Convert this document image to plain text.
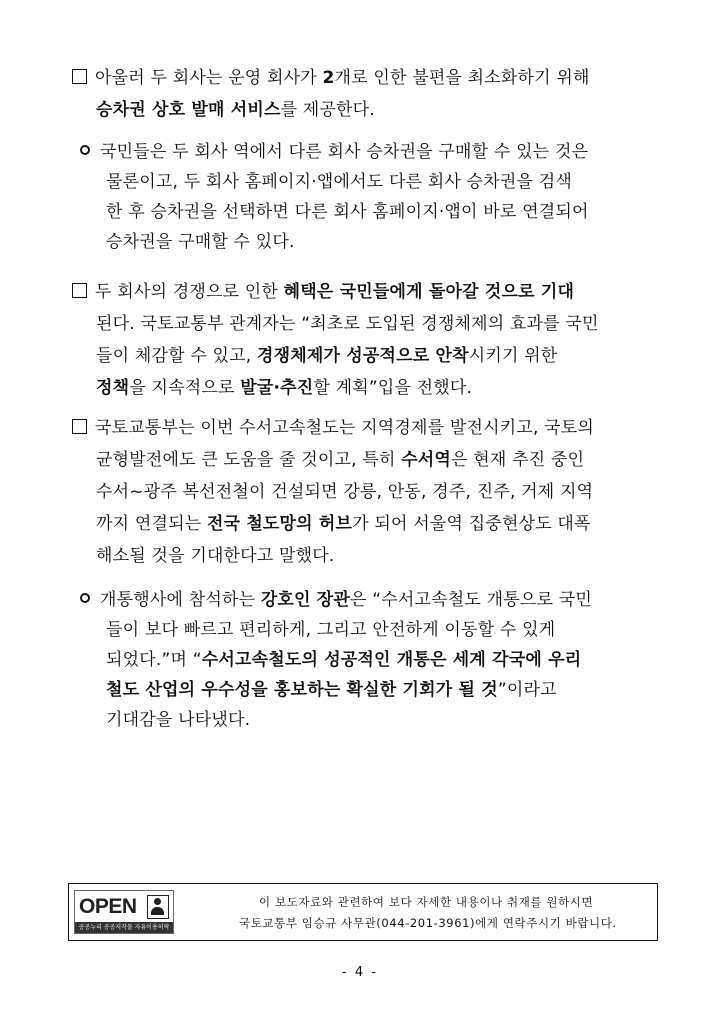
아울러 두 회사는 운영 회사가 2개로 인한 불편을 최소화하기 위해
승차권 상호 발매 서비스를 제공한다.
국민들은 두 회사 역에서 다른 회사 승차권을 구매할 수 있는 것은
물론이고, 두 회사 홈페이지·앱에서도 다른 회사 승차권을 검색
한 후 승차권을 선택하면 다른 회사 홈페이지·앱이 바로 연결되어
승차권을 구매할 수 있다.
두 회사의 경쟁으로 인한 혜택은 국민들에게 돌아갈 것으로 기대
된다. 국토교통부 관계자는 “최초로 도입된 경쟁체제의 효과를 국민
들이 체감할 수 있고, 경쟁체제가 성공적으로 안착시키기 위한
정책을 지속적으로 발굴·추진할 계획”입을 전했다.
국토교통부는 이번 수서고속철도는 지역경제를 발전시키고, 국토의
균형발전에도 큰 도움을 줄 것이고, 특히 수서역은 현재 추진 중인
수서~광주 복선전철이 건설되면 강릉, 안동, 경주, 진주, 거제 지역
까지 연결되는 전국 철도망의 허브가 되어 서울역 집중현상도 대폭
해소될 것을 기대한다고 말했다.
개통행사에 참석하는 강호인 장관은 “수서고속철도 개통으로 국민
들이 보다 빠르고 편리하게, 그리고 안전하게 이동할 수 있게
되었다.”며 “수서고속철도의 성공적인 개통은 세계 각국에 우리
철도 산업의 우수성을 홍보하는 확실한 기회가 될 것”이라고
기대감을 나타냈다.
OPEN
공공누리 공공저작물 자유이용허락
이 보도자료와 관련하여 보다 자세한 내용이나 취재를 원하시면
국토교통부 임승규 사무관(044-201-3961)에게 연락주시기 바랍니다.
- 4 -
